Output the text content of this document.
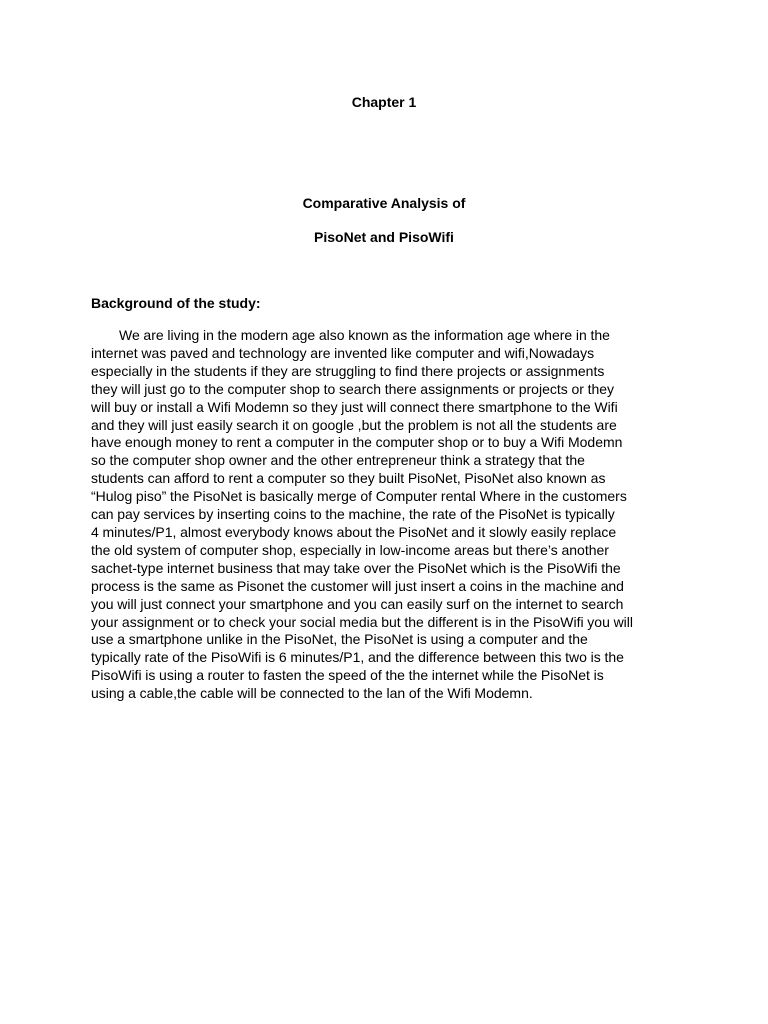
Chapter 1
Comparative Analysis of
PisoNet and PisoWifi
Background of the study:

We are living in the modern age also known as the information age where in the
internet was paved and technology are invented like computer and wifi,Nowadays
especially in the students if they are struggling to find there projects or assignments
they will just go to the computer shop to search there assignments or projects or they
will buy or install a Wifi Modemn so they just will connect there smartphone to the Wifi
and they will just easily search it on google ,but the problem is not all the students are
have enough money to rent a computer in the computer shop or to buy a Wifi Modemn
so the computer shop owner and the other entrepreneur think a strategy that the
students can afford to rent a computer so they built PisoNet, PisoNet also known as
“Hulog piso” the PisoNet is basically merge of Computer rental Where in the customers
can pay services by inserting coins to the machine, the rate of the PisoNet is typically
4 minutes/P1, almost everybody knows about the PisoNet and it slowly easily replace
the old system of computer shop, especially in low-income areas but there’s another
sachet-type internet business that may take over the PisoNet which is the PisoWifi the
process is the same as Pisonet the customer will just insert a coins in the machine and
you will just connect your smartphone and you can easily surf on the internet to search
your assignment or to check your social media but the different is in the PisoWifi you will
use a smartphone unlike in the PisoNet, the PisoNet is using a computer and the
typically rate of the PisoWifi is 6 minutes/P1, and the difference between this two is the
PisoWifi is using a router to fasten the speed of the the internet while the PisoNet is
using a cable,the cable will be connected to the lan of the Wifi Modemn.
